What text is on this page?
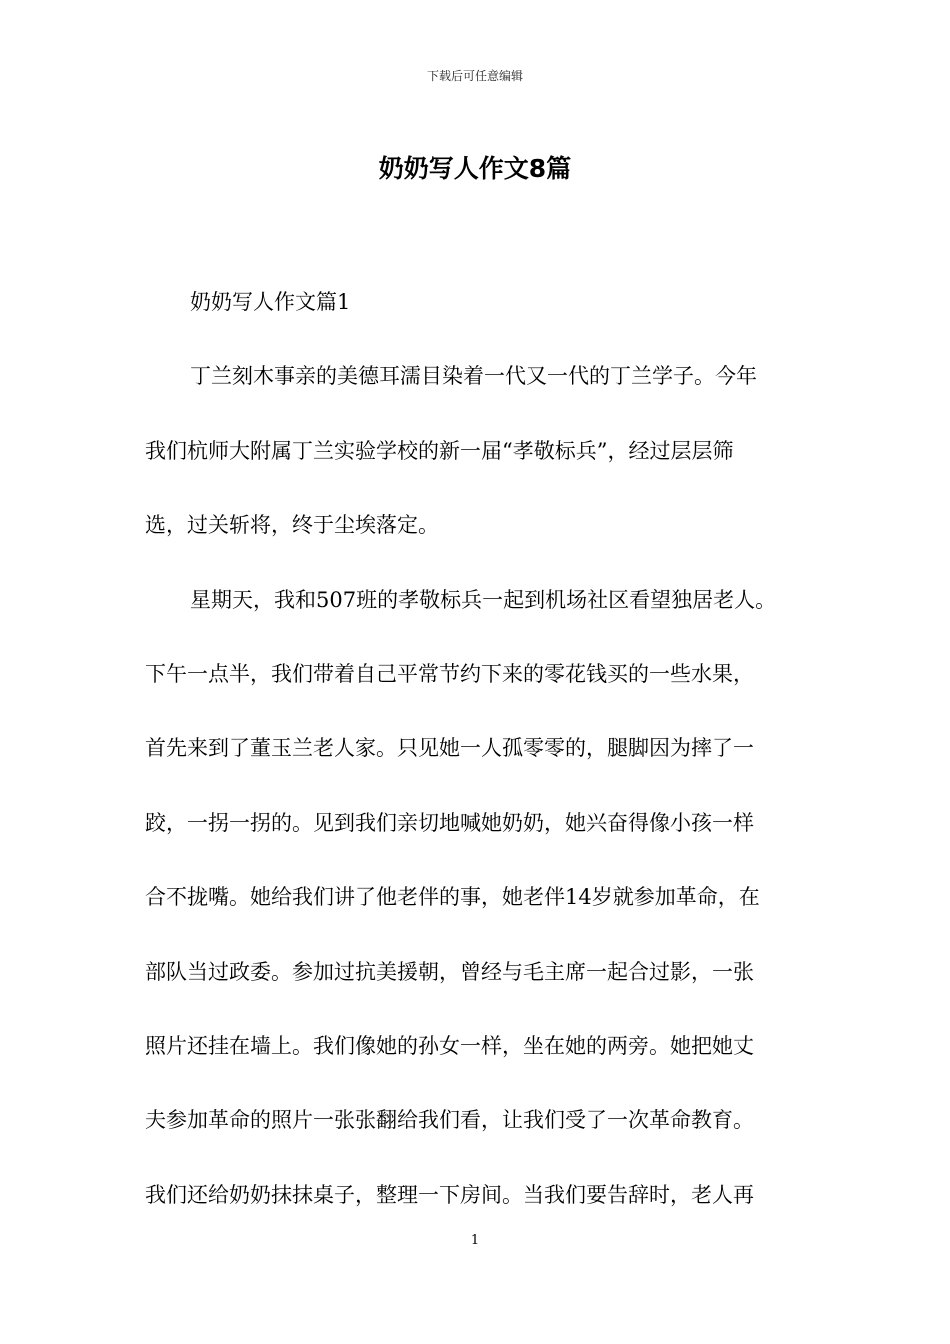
下载后可任意编辑
奶奶写人作文8篇
奶奶写人作文篇1
丁兰刻木事亲的美德耳濡目染着一代又一代的丁兰学子。今年
我们杭师大附属丁兰实验学校的新一届“孝敬标兵”，经过层层筛
选，过关斩将，终于尘埃落定。
星期天，我和507班的孝敬标兵一起到机场社区看望独居老人。
下午一点半，我们带着自己平常节约下来的零花钱买的一些水果，
首先来到了董玉兰老人家。只见她一人孤零零的，腿脚因为摔了一
跤，一拐一拐的。见到我们亲切地喊她奶奶，她兴奋得像小孩一样
合不拢嘴。她给我们讲了他老伴的事，她老伴14岁就参加革命，在
部队当过政委。参加过抗美援朝，曾经与毛主席一起合过影，一张
照片还挂在墙上。我们像她的孙女一样，坐在她的两旁。她把她丈
夫参加革命的照片一张张翻给我们看，让我们受了一次革命教育。
我们还给奶奶抹抹桌子，整理一下房间。当我们要告辞时，老人再
1
